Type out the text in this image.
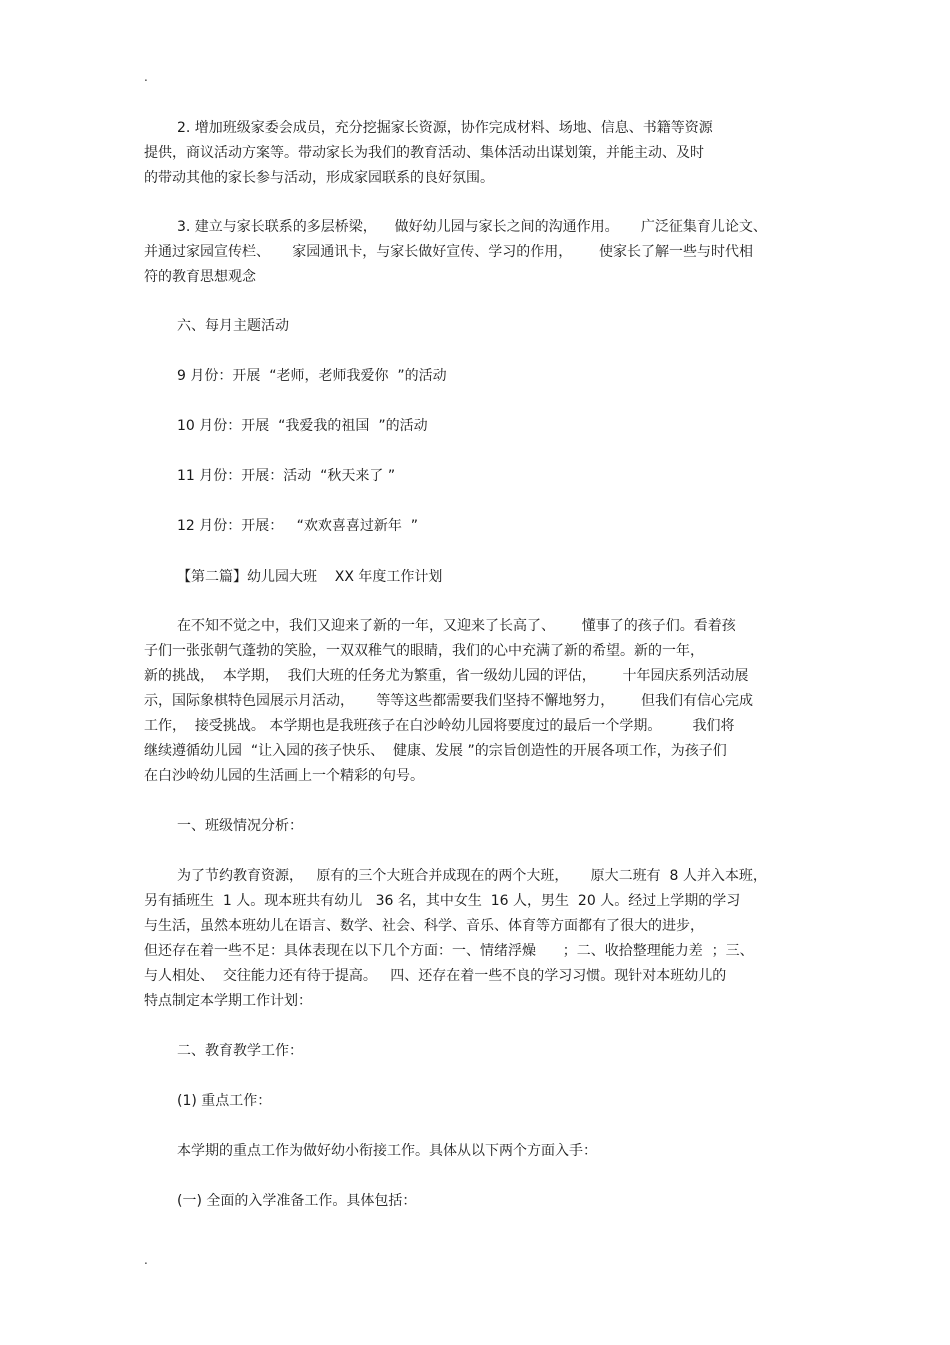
.
2. 增加班级家委会成员，充分挖掘家长资源，协作完成材料、场地、信息、书籍等资源
提供，商议活动方案等。带动家长为我们的教育活动、集体活动出谋划策，并能主动、及时
的带动其他的家长参与活动，形成家园联系的良好氛围。
3. 建立与家长联系的多层桥梁，    做好幼儿园与家长之间的沟通作用。     广泛征集育儿论文、
并通过家园宣传栏、     家园通讯卡，与家长做好宣传、学习的作用，      使家长了解一些与时代相
符的教育思想观念
六、每月主题活动
9 月份：开展  “老师，老师我爱你  ”的活动
10 月份：开展  “我爱我的祖国  ”的活动
11 月份：开展：活动  “秋天来了 ”
12 月份：开展：   “欢欢喜喜过新年  ”
【第二篇】幼儿园大班    XX 年度工作计划
在不知不觉之中，我们又迎来了新的一年，又迎来了长高了、      懂事了的孩子们。看着孩
子们一张张朝气蓬勃的笑脸，一双双稚气的眼睛，我们的心中充满了新的希望。新的一年，
新的挑战，  本学期，  我们大班的任务尤为繁重，省一级幼儿园的评估，      十年园庆系列活动展
示，国际象棋特色园展示月活动，     等等这些都需要我们坚持不懈地努力，      但我们有信心完成
工作，  接受挑战。 本学期也是我班孩子在白沙岭幼儿园将要度过的最后一个学期。       我们将
继续遵循幼儿园  “让入园的孩子快乐、  健康、发展 ”的宗旨创造性的开展各项工作，为孩子们
在白沙岭幼儿园的生活画上一个精彩的句号。
一、班级情况分析：
为了节约教育资源，   原有的三个大班合并成现在的两个大班，     原大二班有  8 人并入本班，
另有插班生  1 人。现本班共有幼儿   36 名，其中女生  16 人，男生  20 人。经过上学期的学习
与生活，虽然本班幼儿在语言、数学、社会、科学、音乐、体育等方面都有了很大的进步，
但还存在着一些不足：具体表现在以下几个方面：一、情绪浮燥      ；二、收拾整理能力差  ；三、
与人相处、  交往能力还有待于提高。   四、还存在着一些不良的学习习惯。现针对本班幼儿的
特点制定本学期工作计划：
二、教育教学工作：
(1) 重点工作：
本学期的重点工作为做好幼小衔接工作。具体从以下两个方面入手：
(一) 全面的入学准备工作。具体包括：
.
